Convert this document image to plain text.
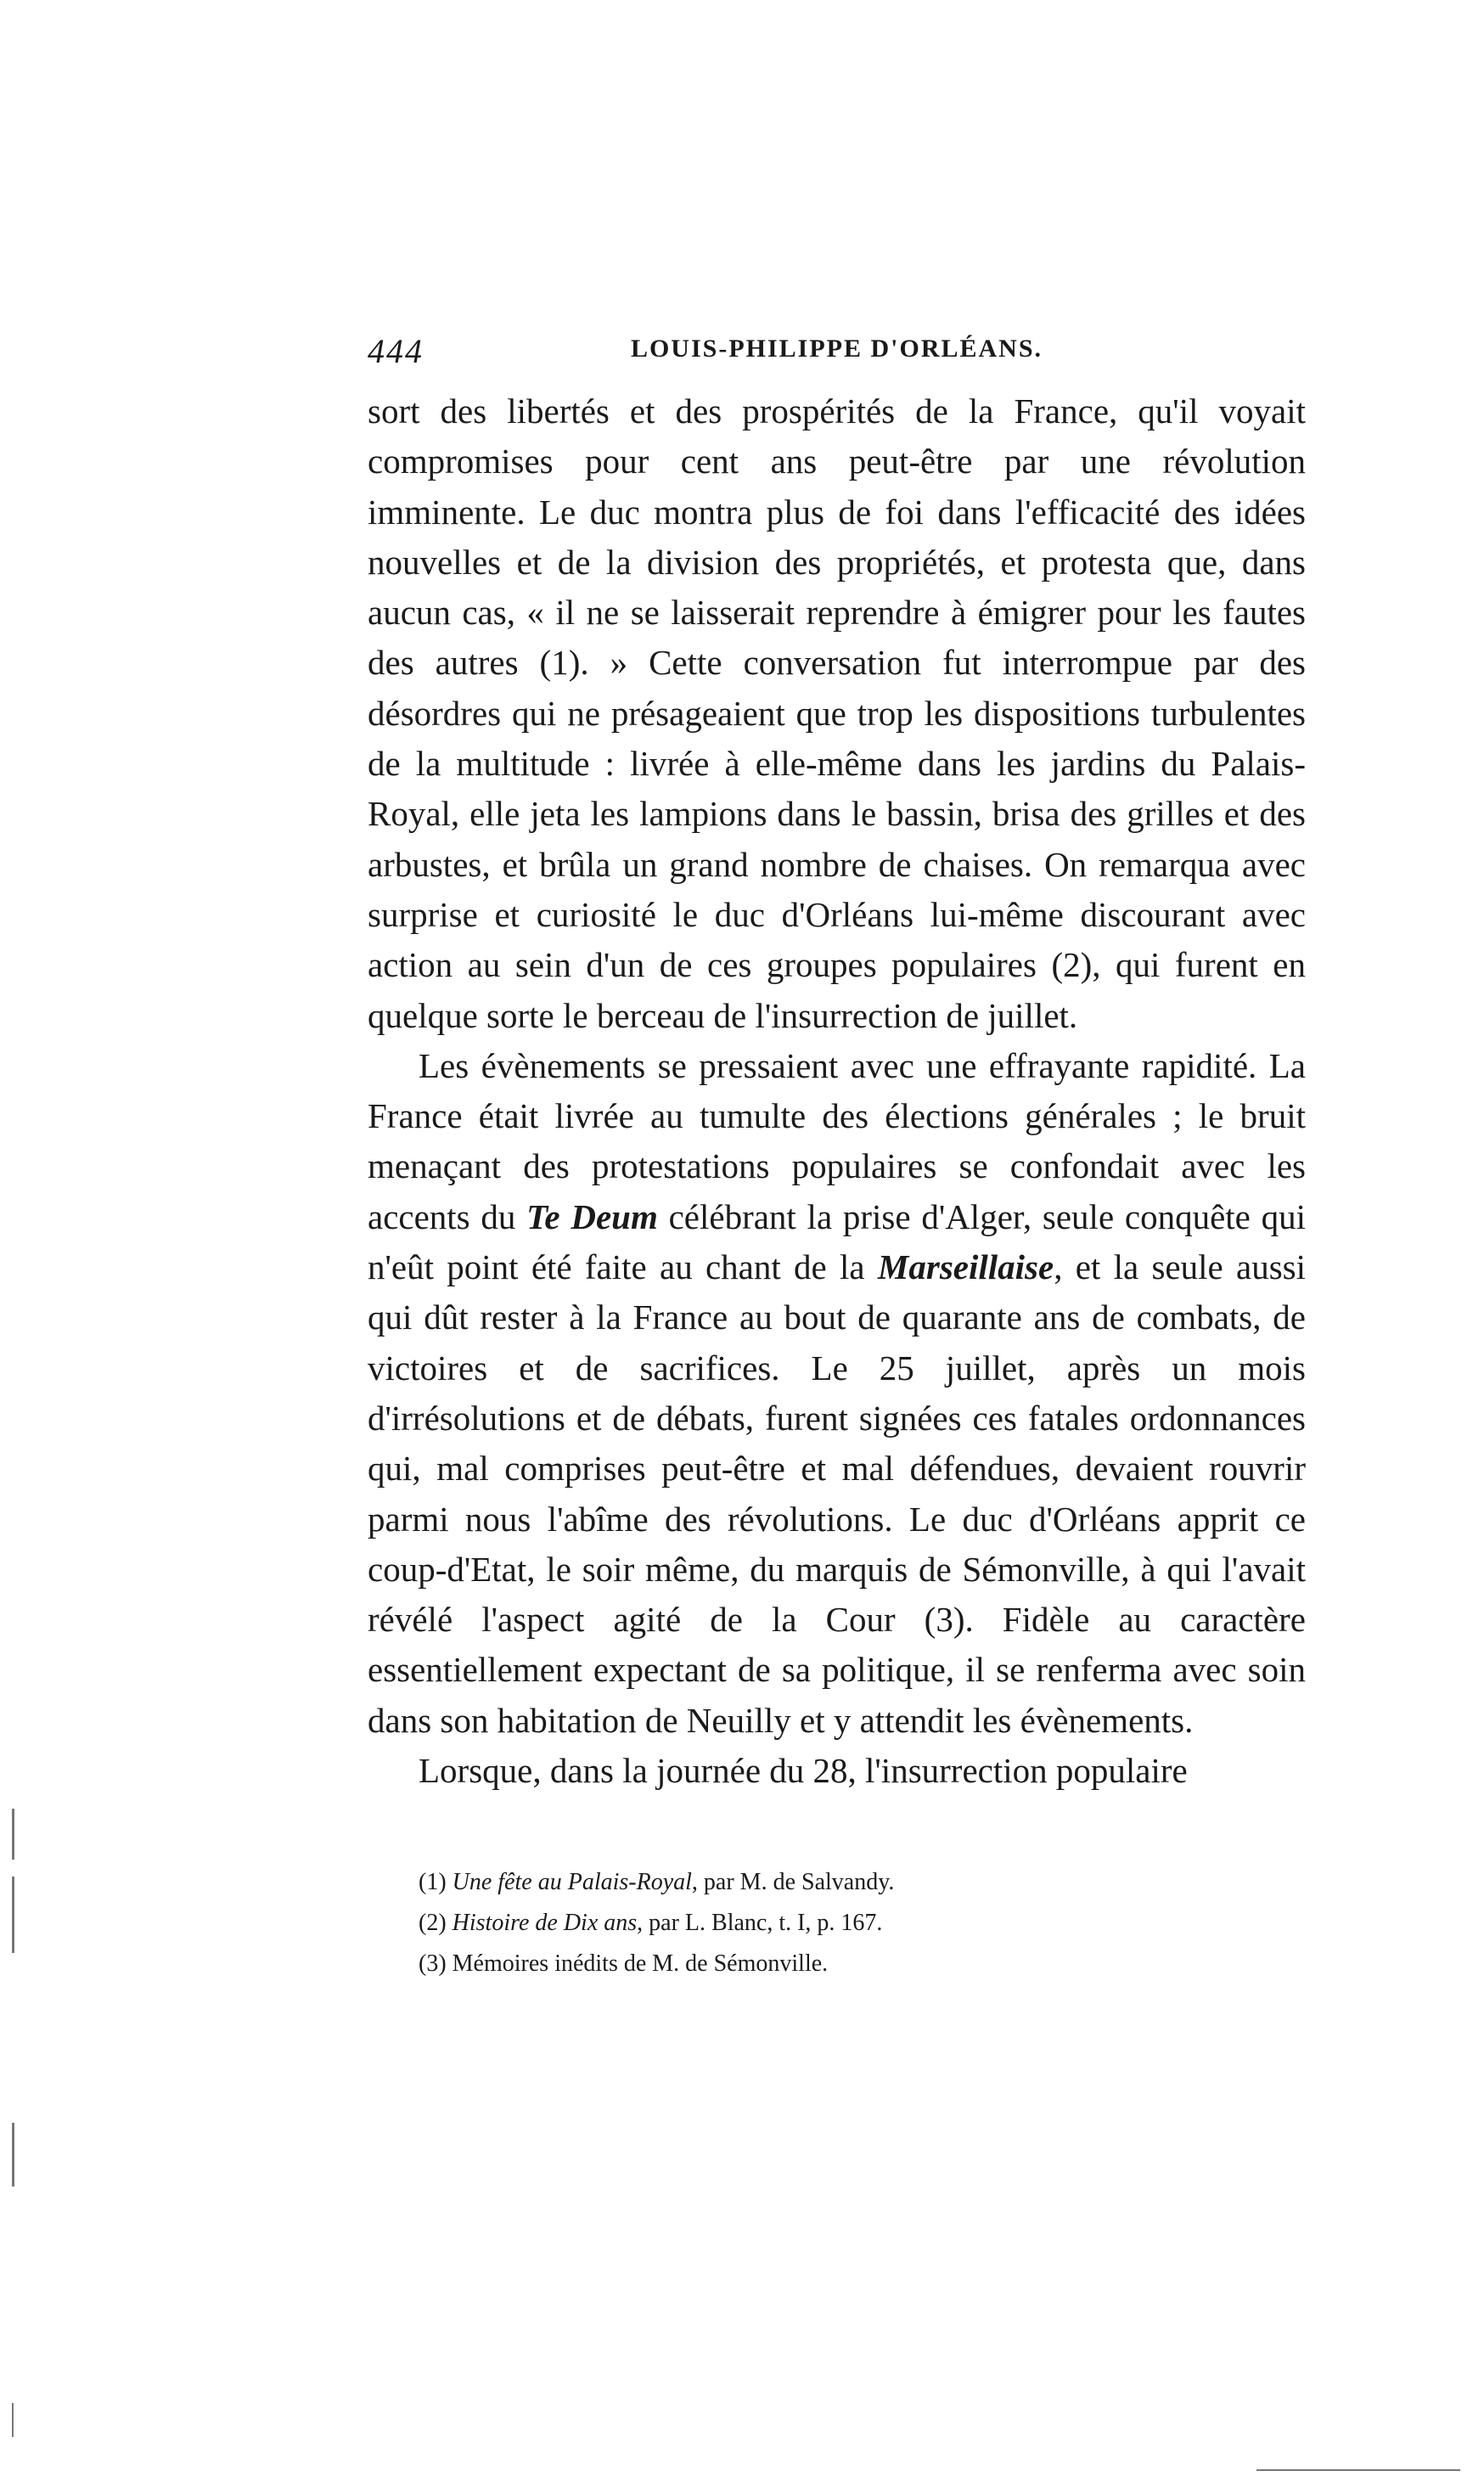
444	LOUIS-PHILIPPE D'ORLÉANS.

sort des libertés et des prospérités de la France, qu'il voyait compromises pour cent ans peut-être par une révolution imminente. Le duc montra plus de foi dans l'efficacité des idées nouvelles et de la division des propriétés, et protesta que, dans aucun cas, « il ne se laisserait reprendre à émigrer pour les fautes des autres (1). » Cette conversation fut interrompue par des désordres qui ne présageaient que trop les dispositions turbulentes de la multitude : livrée à elle-même dans les jardins du Palais-Royal, elle jeta les lampions dans le bassin, brisa des grilles et des arbustes, et brûla un grand nombre de chaises. On remarqua avec surprise et curiosité le duc d'Orléans lui-même discourant avec action au sein d'un de ces groupes populaires (2), qui furent en quelque sorte le berceau de l'insurrection de juillet.

Les évènements se pressaient avec une effrayante rapidité. La France était livrée au tumulte des élections générales ; le bruit menaçant des protestations populaires se confondait avec les accents du Te Deum célébrant la prise d'Alger, seule conquête qui n'eût point été faite au chant de la Marseillaise, et la seule aussi qui dût rester à la France au bout de quarante ans de combats, de victoires et de sacrifices. Le 25 juillet, après un mois d'irrésolutions et de débats, furent signées ces fatales ordonnances qui, mal comprises peut-être et mal défendues, devaient rouvrir parmi nous l'abîme des révolutions. Le duc d'Orléans apprit ce coup-d'Etat, le soir même, du marquis de Sémonville, à qui l'avait révélé l'aspect agité de la Cour (3). Fidèle au caractère essentiellement expectant de sa politique, il se renferma avec soin dans son habitation de Neuilly et y attendit les évènements.

Lorsque, dans la journée du 28, l'insurrection populaire

(1) Une fête au Palais-Royal, par M. de Salvandy.
(2) Histoire de Dix ans, par L. Blanc, t. I, p. 167.
(3) Mémoires inédits de M. de Sémonville.
